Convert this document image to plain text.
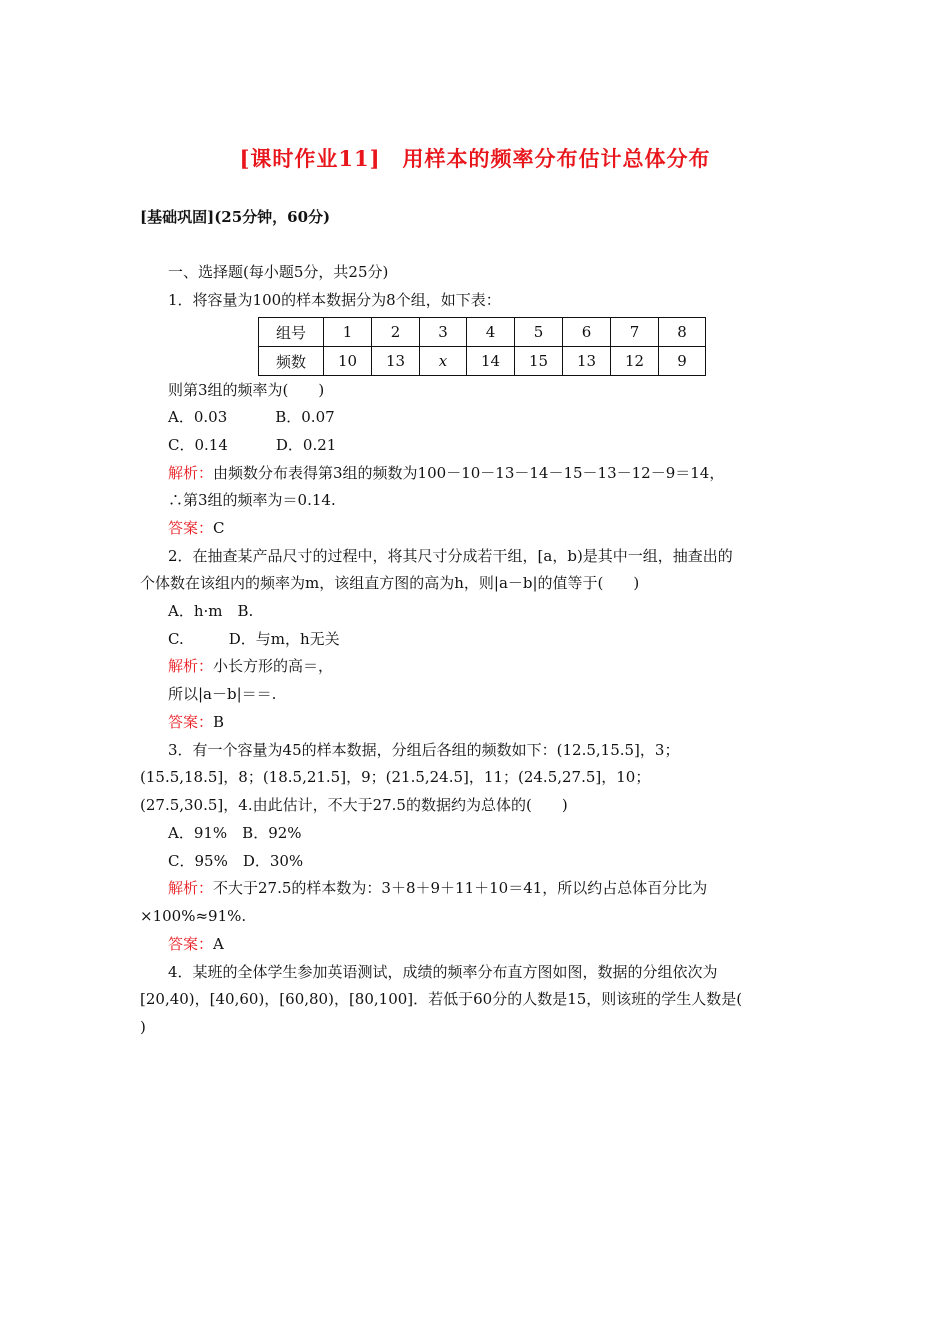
[课时作业11] 用样本的频率分布估计总体分布
[基础巩固](25分钟，60分)
一、选择题(每小题5分，共25分)
1．将容量为100的样本数据分为8个组，如下表：
组号	1	2	3	4	5	6	7	8
频数	10	13	x	14	15	13	12	9
则第3组的频率为(　　)
A．0.03	B．0.07
C．0.14	D．0.21
解析：由频数分布表得第3组的频数为100－10－13－14－15－13－12－9＝14，
∴第3组的频率为＝0.14.
答案：C
2．在抽查某产品尺寸的过程中，将其尺寸分成若干组，[a，b)是其中一组，抽查出的
个体数在该组内的频率为m，该组直方图的高为h，则|a－b|的值等于(　　)
A．h·m　B.
C.　　　D．与m，h无关
解析：小长方形的高＝，
所以|a－b|＝＝.
答案：B
3．有一个容量为45的样本数据，分组后各组的频数如下：(12.5,15.5]，3；
(15.5,18.5]，8；(18.5,21.5]，9；(21.5,24.5]，11；(24.5,27.5]，10；
(27.5,30.5]，4.由此估计，不大于27.5的数据约为总体的(　　)
A．91%　B．92%
C．95%　D．30%
解析：不大于27.5的样本数为：3＋8＋9＋11＋10＝41，所以约占总体百分比为
×100%≈91%.
答案：A
4．某班的全体学生参加英语测试，成绩的频率分布直方图如图，数据的分组依次为
[20,40)，[40,60)，[60,80)，[80,100]．若低于60分的人数是15，则该班的学生人数是(
)
